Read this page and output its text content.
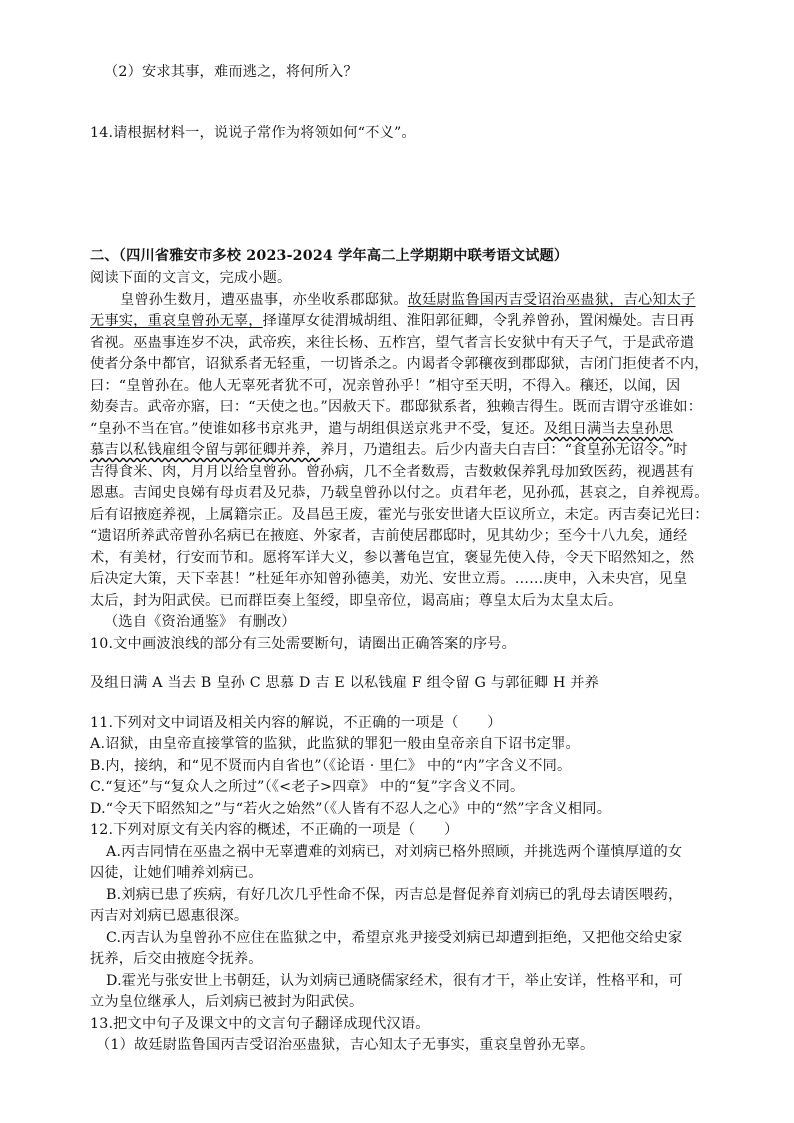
（2）安求其事，难而逃之，将何所入？
14.请根据材料一，说说子常作为将领如何“不义”。
二、（四川省雅安市多校 2023-2024 学年高二上学期期中联考语文试题）
阅读下面的文言文，完成小题。
皇曾孙生数月，遭巫蛊事，亦坐收系郡邸狱。故廷尉监鲁国丙吉受诏治巫蛊狱，吉心知太子
无事实，重哀皇曾孙无辜，择谨厚女徒渭城胡组、淮阳郭征卿，令乳养曾孙，置闲燥处。吉日再
省视。巫蛊事连岁不决，武帝疾，来往长杨、五柞宫，望气者言长安狱中有天子气，于是武帝遣
使者分条中都官，诏狱系者无轻重，一切皆杀之。内谒者令郭穰夜到郡邸狱，吉闭门拒使者不内，
曰：“皇曾孙在。他人无辜死者犹不可，况亲曾孙乎！”相守至天明，不得入。穰还，以闻，因
劾奏吉。武帝亦寤，曰：“天使之也。”因赦天下。郡邸狱系者，独赖吉得生。既而吉谓守丞谁如：
“皇孙不当在官。”使谁如移书京兆尹，遣与胡组俱送京兆尹不受，复还。及组日满当去皇孙思
慕吉以私钱雇组令留与郭征卿并养，养月，乃遣组去。后少内啬夫白吉曰：“食皇孙无诏令。”时
吉得食米、肉，月月以给皇曾孙。曾孙病，几不全者数焉，吉数敕保养乳母加致医药，视遇甚有
恩惠。吉闻史良娣有母贞君及兄恭，乃载皇曾孙以付之。贞君年老，见孙孤，甚哀之，自养视焉。
后有诏掖庭养视，上属籍宗正。及昌邑王废，霍光与张安世诸大臣议所立，未定。丙吉奏记光曰：
“遗诏所养武帝曾孙名病已在掖庭、外家者，吉前使居郡邸时，见其幼少；至今十八九矣，通经
术，有美材，行安而节和。愿将军详大义，参以蓍龟岂宜，褒显先使入侍，令天下昭然知之，然
后决定大策，天下幸甚！”杜延年亦知曾孙德美，劝光、安世立焉。……庚申，入未央宫，见皇
太后，封为阳武侯。已而群臣奏上玺绶，即皇帝位，谒高庙；尊皇太后为太皇太后。
（选自《资治通鉴》 有删改）
10.文中画波浪线的部分有三处需要断句，请圈出正确答案的序号。
及组日满 A 当去 B 皇孙 C 思慕 D 吉 E 以私钱雇 F 组令留 G 与郭征卿 H 并养
11.下列对文中词语及相关内容的解说，不正确的一项是（　　）
A.诏狱，由皇帝直接掌管的监狱，此监狱的罪犯一般由皇帝亲自下诏书定罪。
B.内，接纳，和“见不贤而内自省也”（《论语 · 里仁》 中的“内”字含义不同。
C.“复还”与“复众人之所过”（《<老子>四章》 中的“复”字含义不同。
D.“令天下昭然知之”与“若火之始然”（《人皆有不忍人之心》中的“然”字含义相同。
12.下列对原文有关内容的概述，不正确的一项是（　　）
A.丙吉同情在巫蛊之祸中无辜遭难的刘病已，对刘病已格外照顾，并挑选两个谨慎厚道的女
囚徒，让她们哺养刘病已。
B.刘病已患了疾病，有好几次几乎性命不保，丙吉总是督促养育刘病已的乳母去请医喂药，
丙吉对刘病已恩惠很深。
C.丙吉认为皇曾孙不应住在监狱之中，希望京兆尹接受刘病已却遭到拒绝，又把他交给史家
抚养，后交由掖庭令抚养。
D.霍光与张安世上书朝廷，认为刘病已通晓儒家经术，很有才干，举止安详，性格平和，可
立为皇位继承人，后刘病已被封为阳武侯。
13.把文中句子及课文中的文言句子翻译成现代汉语。
（1）故廷尉监鲁国丙吉受诏治巫蛊狱，吉心知太子无事实，重哀皇曾孙无辜。
